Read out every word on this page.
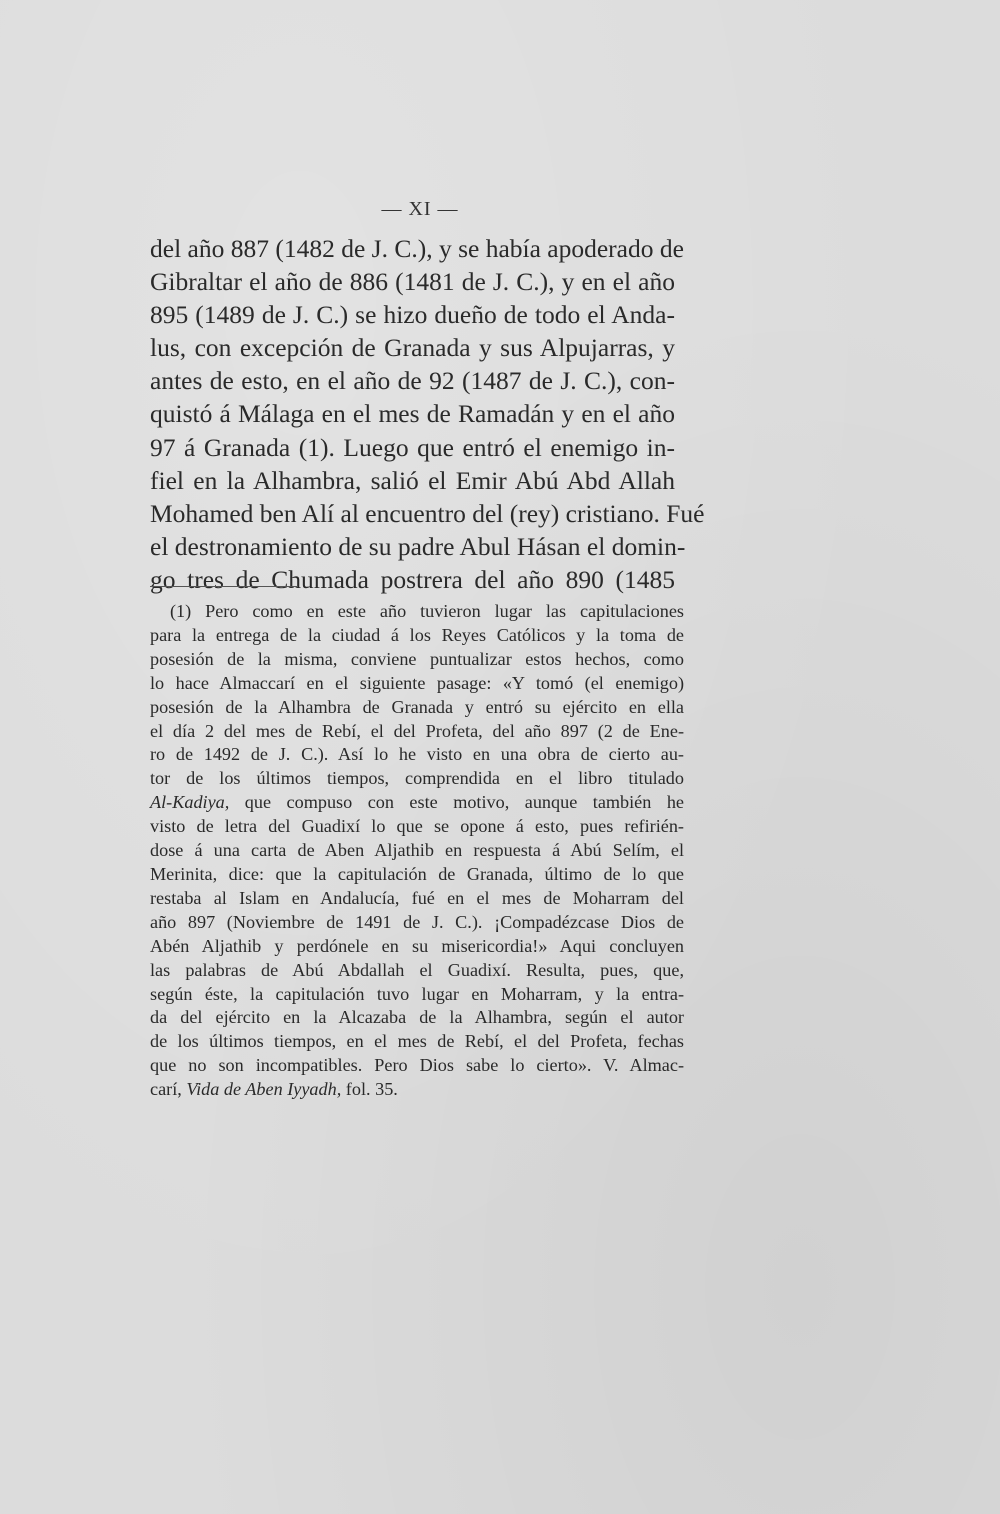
— XI —
del año 887 (1482 de J. C.), y se había apoderado de
Gibraltar el año de 886 (1481 de J. C.), y en el año
895 (1489 de J. C.) se hizo dueño de todo el Anda-
lus, con excepción de Granada y sus Alpujarras, y
antes de esto, en el año de 92 (1487 de J. C.), con-
quistó á Málaga en el mes de Ramadán y en el año
97 á Granada (1). Luego que entró el enemigo in-
fiel en la Alhambra, salió el Emir Abú Abd Allah
Mohamed ben Alí al encuentro del (rey) cristiano. Fué
el destronamiento de su padre Abul Hásan el domin-
go tres de Chumada postrera del año 890 (1485
(1) Pero como en este año tuvieron lugar las capitulaciones
para la entrega de la ciudad á los Reyes Católicos y la toma de
posesión de la misma, conviene puntualizar estos hechos, como
lo hace Almaccarí en el siguiente pasage: «Y tomó (el enemigo)
posesión de la Alhambra de Granada y entró su ejército en ella
el día 2 del mes de Rebí, el del Profeta, del año 897 (2 de Ene-
ro de 1492 de J. C.). Así lo he visto en una obra de cierto au-
tor de los últimos tiempos, comprendida en el libro titulado
Al-Kadiya, que compuso con este motivo, aunque también he
visto de letra del Guadixí lo que se opone á esto, pues refirién-
dose á una carta de Aben Aljathib en respuesta á Abú Selím, el
Merinita, dice: que la capitulación de Granada, último de lo que
restaba al Islam en Andalucía, fué en el mes de Moharram del
año 897 (Noviembre de 1491 de J. C.). ¡Compadézcase Dios de
Abén Aljathib y perdónele en su misericordia!» Aqui concluyen
las palabras de Abú Abdallah el Guadixí. Resulta, pues, que,
según éste, la capitulación tuvo lugar en Moharram, y la entra-
da del ejército en la Alcazaba de la Alhambra, según el autor
de los últimos tiempos, en el mes de Rebí, el del Profeta, fechas
que no son incompatibles. Pero Dios sabe lo cierto». V. Almac-
carí, Vida de Aben Iyyadh, fol. 35.
